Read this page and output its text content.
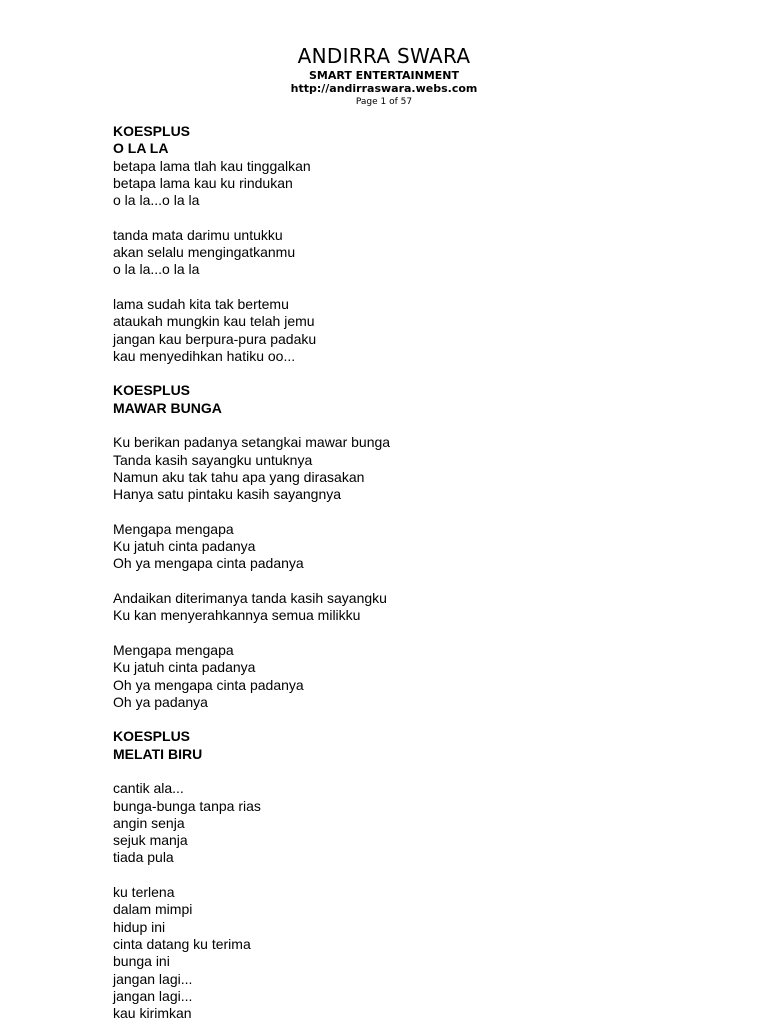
ANDIRRA SWARA
SMART ENTERTAINMENT
http://andirraswara.webs.com
Page 1 of 57
KOESPLUS
O LA LA
betapa lama tlah kau tinggalkan
betapa lama kau ku rindukan
o la la...o la la
tanda mata darimu untukku
akan selalu mengingatkanmu
o la la...o la la
lama sudah kita tak bertemu
ataukah mungkin kau telah jemu
jangan kau berpura-pura padaku
kau menyedihkan hatiku oo...
KOESPLUS
MAWAR BUNGA
Ku berikan padanya setangkai mawar bunga
Tanda kasih sayangku untuknya
Namun aku tak tahu apa yang dirasakan
Hanya satu pintaku kasih sayangnya
Mengapa mengapa
Ku jatuh cinta padanya
Oh ya mengapa cinta padanya
Andaikan diterimanya tanda kasih sayangku
Ku kan menyerahkannya semua milikku
Mengapa mengapa
Ku jatuh cinta padanya
Oh ya mengapa cinta padanya
Oh ya padanya
KOESPLUS
MELATI BIRU
cantik ala...
bunga-bunga tanpa rias
angin senja
sejuk manja
tiada pula
ku terlena
dalam mimpi
hidup ini
cinta datang ku terima
bunga ini
jangan lagi...
jangan lagi...
kau kirimkan
